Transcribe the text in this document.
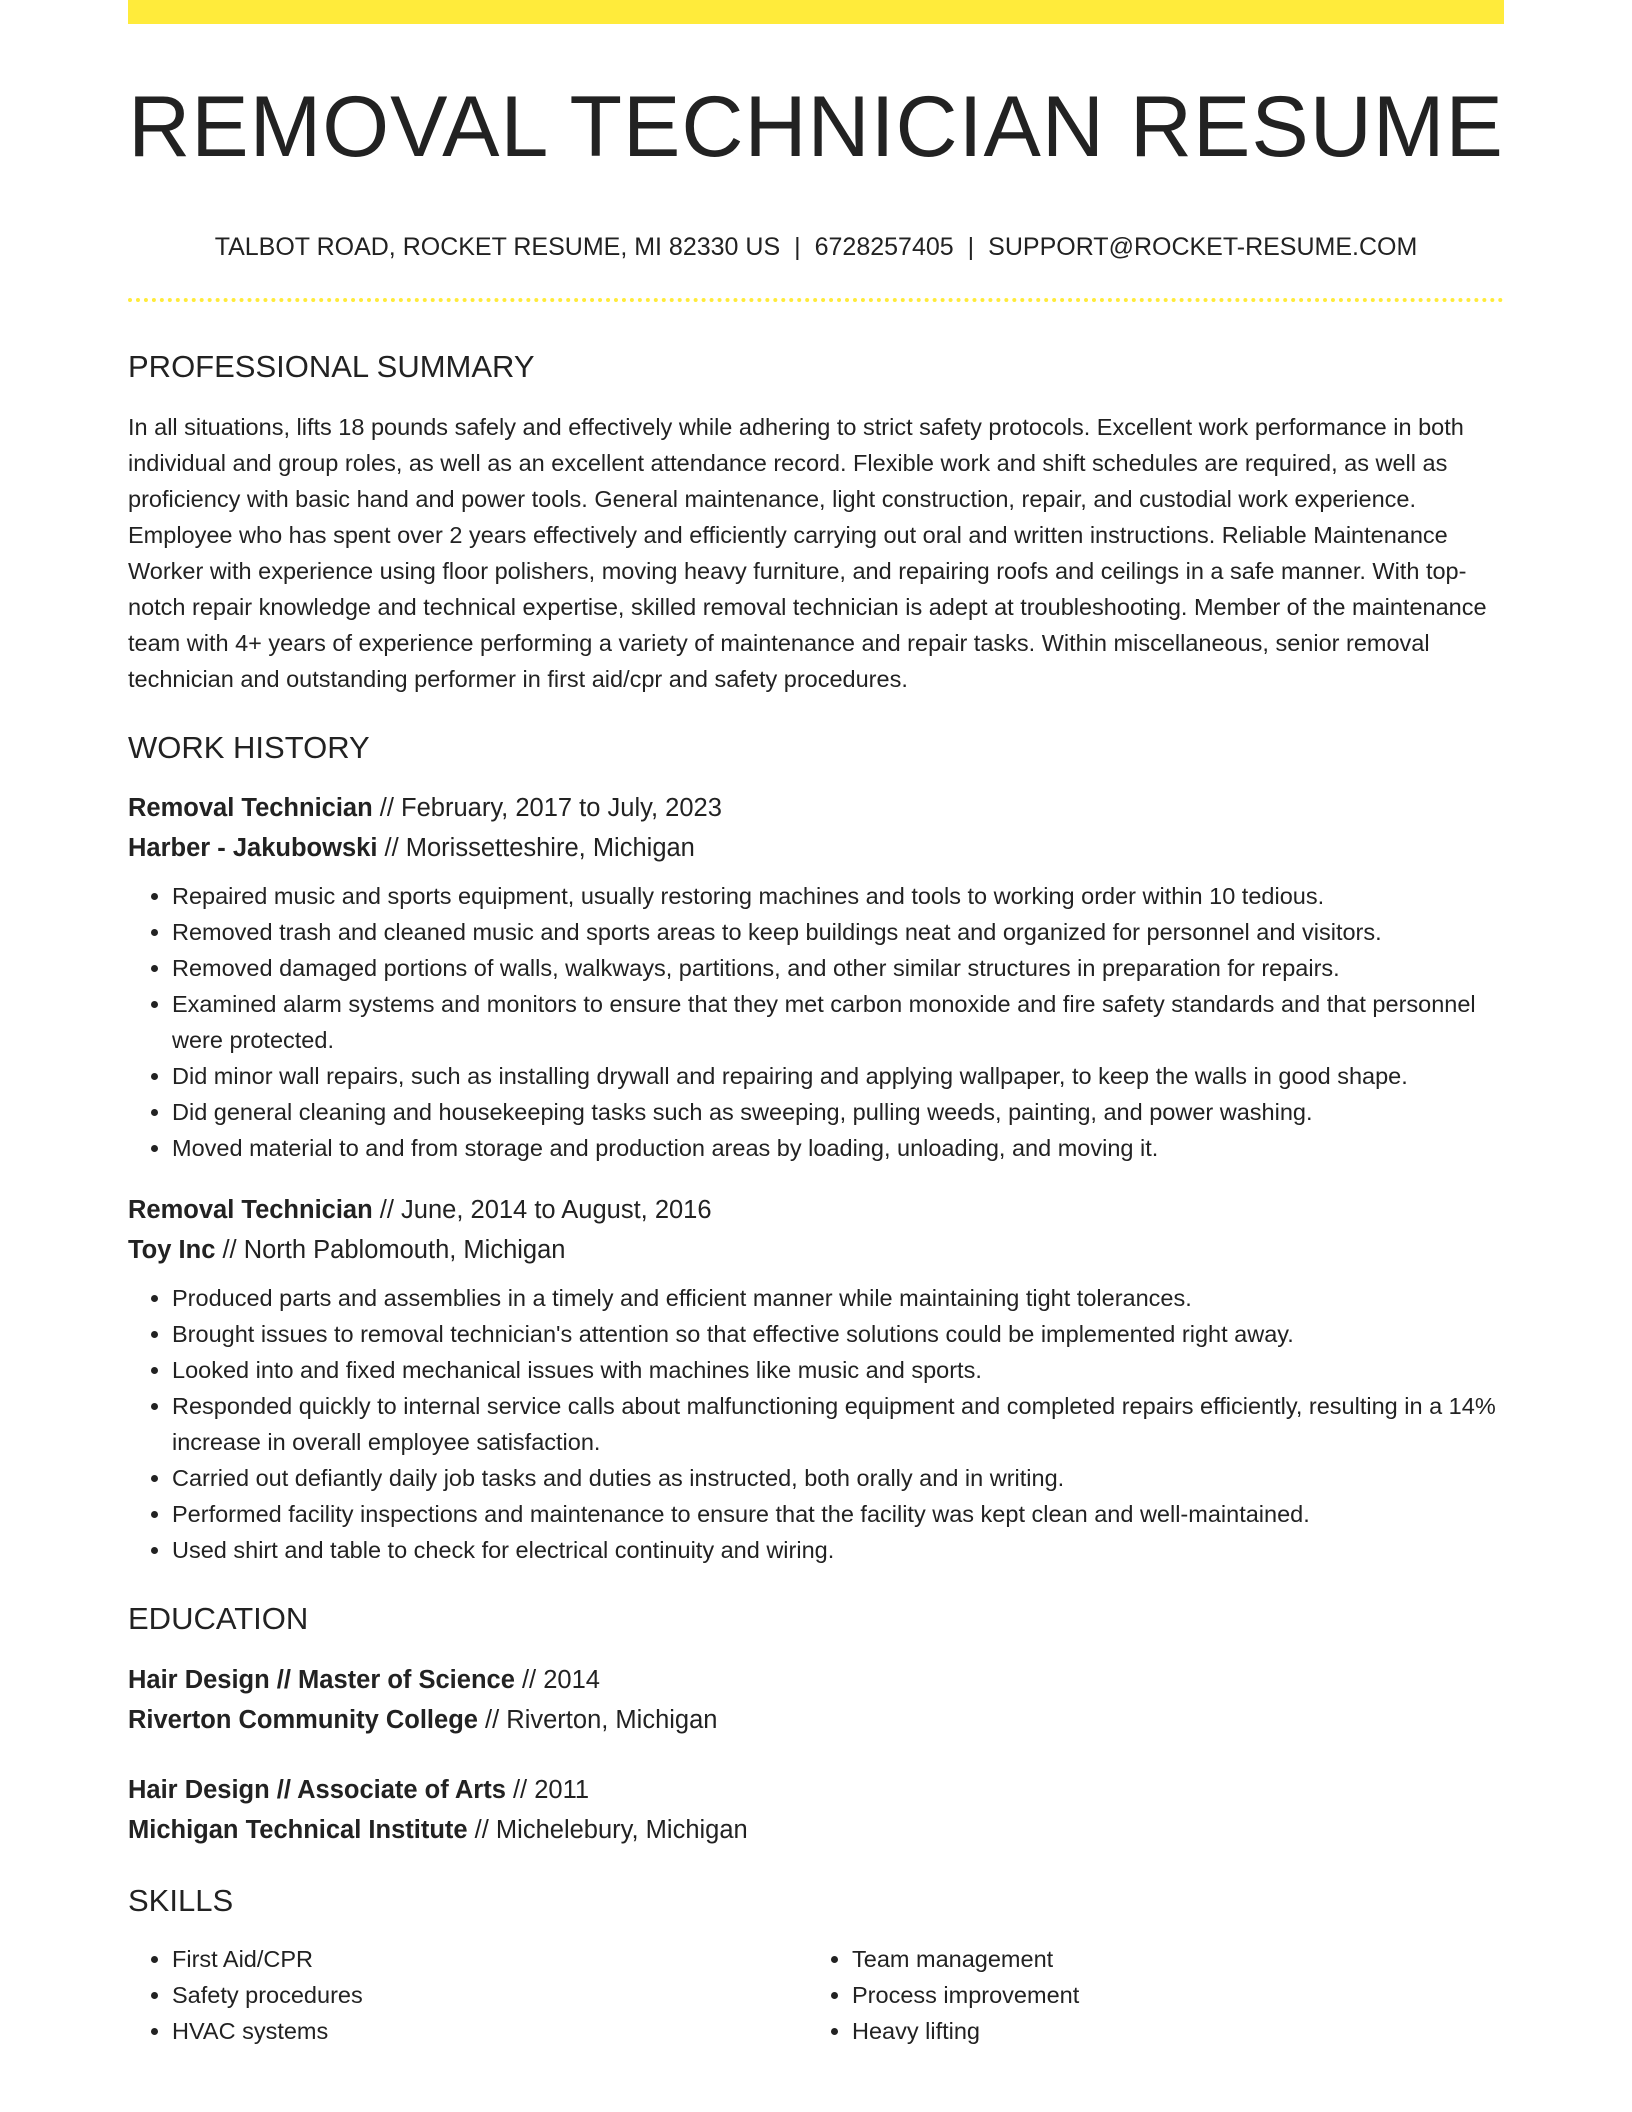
REMOVAL TECHNICIAN RESUME
TALBOT ROAD, ROCKET RESUME, MI 82330 US | 6728257405 | SUPPORT@ROCKET-RESUME.COM
PROFESSIONAL SUMMARY

In all situations, lifts 18 pounds safely and effectively while adhering to strict safety protocols. Excellent work performance in both individual and group roles, as well as an excellent attendance record. Flexible work and shift schedules are required, as well as proficiency with basic hand and power tools. General maintenance, light construction, repair, and custodial work experience. Employee who has spent over 2 years effectively and efficiently carrying out oral and written instructions. Reliable Maintenance Worker with experience using floor polishers, moving heavy furniture, and repairing roofs and ceilings in a safe manner. With top-notch repair knowledge and technical expertise, skilled removal technician is adept at troubleshooting. Member of the maintenance team with 4+ years of experience performing a variety of maintenance and repair tasks. Within miscellaneous, senior removal technician and outstanding performer in first aid/cpr and safety procedures.

WORK HISTORY
Removal Technician // February, 2017 to July, 2023
Harber - Jakubowski // Morissetteshire, Michigan
• Repaired music and sports equipment, usually restoring machines and tools to working order within 10 tedious.
• Removed trash and cleaned music and sports areas to keep buildings neat and organized for personnel and visitors.
• Removed damaged portions of walls, walkways, partitions, and other similar structures in preparation for repairs.
• Examined alarm systems and monitors to ensure that they met carbon monoxide and fire safety standards and that personnel were protected.
• Did minor wall repairs, such as installing drywall and repairing and applying wallpaper, to keep the walls in good shape.
• Did general cleaning and housekeeping tasks such as sweeping, pulling weeds, painting, and power washing.
• Moved material to and from storage and production areas by loading, unloading, and moving it.
Removal Technician // June, 2014 to August, 2016
Toy Inc // North Pablomouth, Michigan
• Produced parts and assemblies in a timely and efficient manner while maintaining tight tolerances.
• Brought issues to removal technician's attention so that effective solutions could be implemented right away.
• Looked into and fixed mechanical issues with machines like music and sports.
• Responded quickly to internal service calls about malfunctioning equipment and completed repairs efficiently, resulting in a 14% increase in overall employee satisfaction.
• Carried out defiantly daily job tasks and duties as instructed, both orally and in writing.
• Performed facility inspections and maintenance to ensure that the facility was kept clean and well-maintained.
• Used shirt and table to check for electrical continuity and wiring.
EDUCATION
Hair Design // Master of Science // 2014
Riverton Community College // Riverton, Michigan
Hair Design // Associate of Arts // 2011
Michigan Technical Institute // Michelebury, Michigan
SKILLS
• First Aid/CPR
• Safety procedures
• HVAC systems
• Team management
• Process improvement
• Heavy lifting
